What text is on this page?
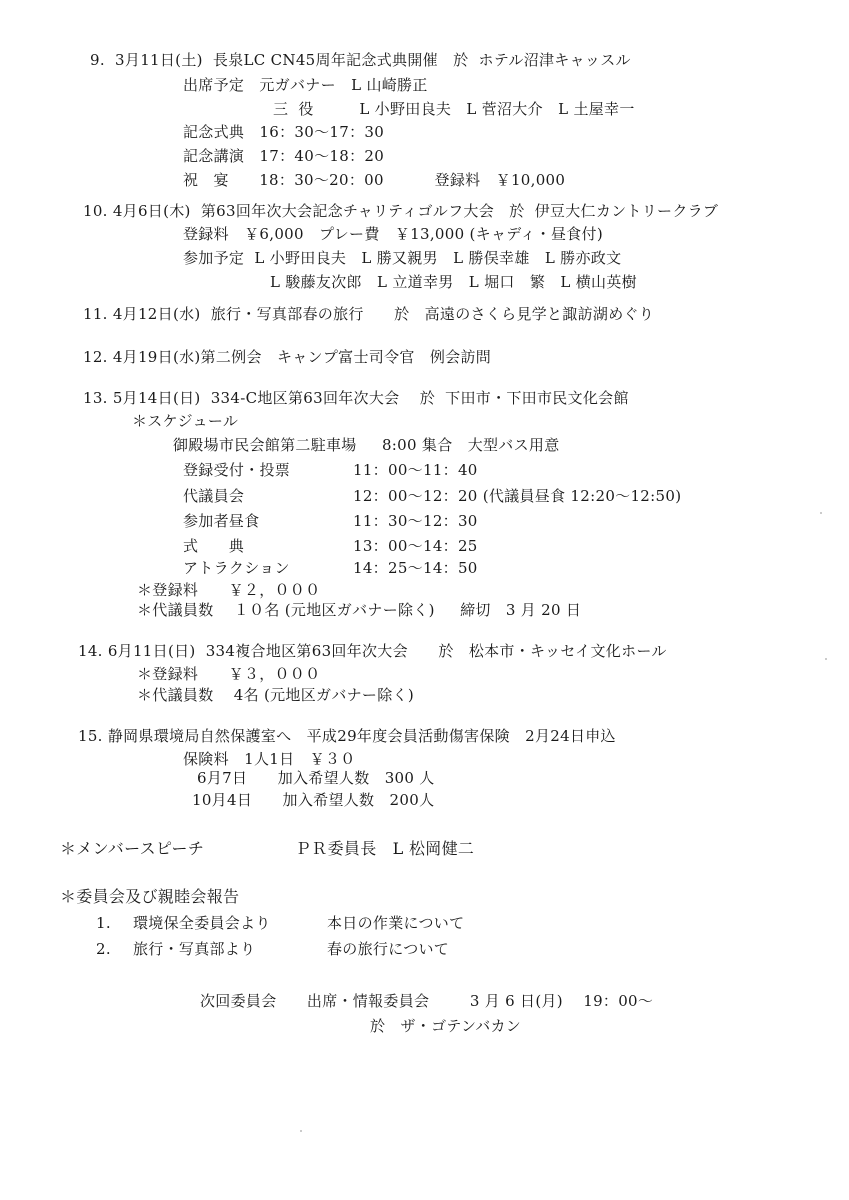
9.  3月11日(土)  長泉LC CN45周年記念式典開催   於  ホテル沼津キャッスル
出席予定   元ガバナー   L 山崎勝正
三  役         L 小野田良夫   L 菅沼大介   L 土屋幸一
記念式典   16：30～17：30
記念講演   17：40～18：20
祝   宴      18：30～20：00          登録料   ￥10,000
10. 4月6日(木)  第63回年次大会記念チャリティゴルフ大会   於  伊豆大仁カントリークラブ
登録料   ￥6,000   プレー費   ￥13,000 (キャディ・昼食付)
参加予定  L 小野田良夫   L 勝又親男   L 勝俣幸雄   L 勝亦政文
L 駿藤友次郎   L 立道幸男   L 堀口   繁   L 横山英樹
11. 4月12日(水)  旅行・写真部春の旅行      於   高遠のさくら見学と諏訪湖めぐり
12. 4月19日(水)第二例会   キャンプ富士司令官   例会訪問
13. 5月14日(日)  334-C地区第63回年次大会    於  下田市・下田市民文化会館
＊スケジュール
御殿場市民会館第二駐車場     8:00 集合   大型バス用意
登録受付・投票	11：00～11：40
代議員会	12：00～12：20 (代議員昼食 12:20～12:50)
参加者昼食	11：30～12：30
式      典	13：00～14：25
アトラクション	14：25～14：50
＊登録料      ￥２，０００
＊代議員数    １０名 (元地区ガバナー除く)     締切   3 月 20 日
14. 6月11日(日)  334複合地区第63回年次大会      於   松本市・キッセイ文化ホール
＊登録料      ￥３，０００
＊代議員数    4名 (元地区ガバナー除く)
15. 静岡県環境局自然保護室へ   平成29年度会員活動傷害保険   2月24日申込
保険料   1人1日   ￥３０
6月7日      加入希望人数   300 人
10月4日      加入希望人数   200人
＊メンバースピーチ	ＰＲ委員長   L 松岡健二
＊委員会及び親睦会報告
1. 環境保全委員会より	本日の作業について
2. 旅行・写真部より	春の旅行について
次回委員会      出席・情報委員会        3 月 6 日(月)    19：00～
於   ザ・ゴテンバカン
